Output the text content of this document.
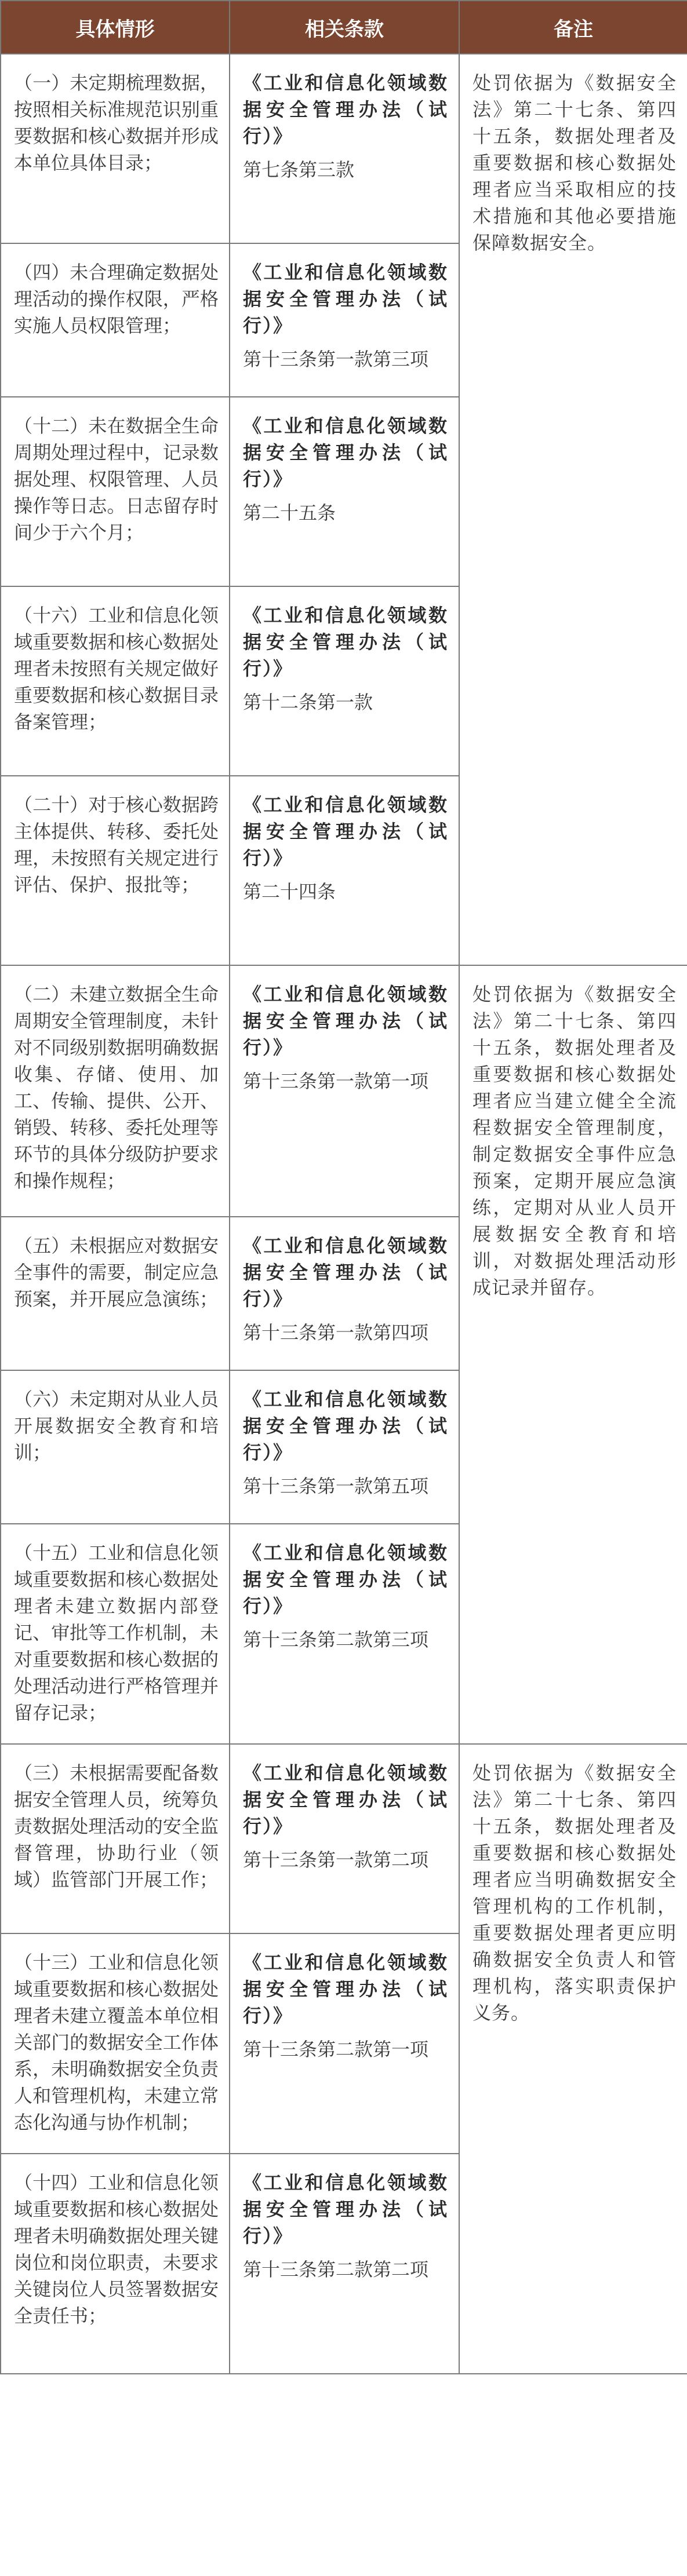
具体情形	相关条款	备注
（一）未定期梳理数据，按照相关标准规范识别重要数据和核心数据并形成本单位具体目录；	《工业和信息化领域数据安全管理办法（试行）》
第七条第三款	处罚依据为《数据安全法》第二十七条、第四十五条，数据处理者及重要数据和核心数据处理者应当采取相应的技术措施和其他必要措施保障数据安全。
（四）未合理确定数据处理活动的操作权限，严格实施人员权限管理；	《工业和信息化领域数据安全管理办法（试行）》
第十三条第一款第三项	

（十二）未在数据全生命周期处理过程中，记录数据处理、权限管理、人员操作等日志。日志留存时间少于六个月；	《工业和信息化领域数据安全管理办法（试行）》
第二十五条	

（十六）工业和信息化领域重要数据和核心数据处理者未按照有关规定做好重要数据和核心数据目录备案管理；	《工业和信息化领域数据安全管理办法（试行）》
第十二条第一款	

（二十）对于核心数据跨主体提供、转移、委托处理，未按照有关规定进行评估、保护、报批等；	《工业和信息化领域数据安全管理办法（试行）》
第二十四条	

（二）未建立数据全生命周期安全管理制度，未针对不同级别数据明确数据收集、存储、使用、加工、传输、提供、公开、销毁、转移、委托处理等环节的具体分级防护要求和操作规程；	《工业和信息化领域数据安全管理办法（试行）》
第十三条第一款第一项	处罚依据为《数据安全法》第二十七条、第四十五条，数据处理者及重要数据和核心数据处理者应当建立健全全流程数据安全管理制度，制定数据安全事件应急预案，定期开展应急演练，定期对从业人员开展数据安全教育和培训，对数据处理活动形成记录并留存。
（五）未根据应对数据安全事件的需要，制定应急预案，并开展应急演练；	《工业和信息化领域数据安全管理办法（试行）》
第十三条第一款第四项	

（六）未定期对从业人员开展数据安全教育和培训；	《工业和信息化领域数据安全管理办法（试行）》
第十三条第一款第五项	

（十五）工业和信息化领域重要数据和核心数据处理者未建立数据内部登记、审批等工作机制，未对重要数据和核心数据的处理活动进行严格管理并留存记录；	《工业和信息化领域数据安全管理办法（试行）》
第十三条第二款第三项	

（三）未根据需要配备数据安全管理人员，统筹负责数据处理活动的安全监督管理，协助行业（领域）监管部门开展工作；	《工业和信息化领域数据安全管理办法（试行）》
第十三条第一款第二项	处罚依据为《数据安全法》第二十七条、第四十五条，数据处理者及重要数据和核心数据处理者应当明确数据安全管理机构的工作机制，重要数据处理者更应明确数据安全负责人和管理机构，落实职责保护义务。
（十三）工业和信息化领域重要数据和核心数据处理者未建立覆盖本单位相关部门的数据安全工作体系，未明确数据安全负责人和管理机构，未建立常态化沟通与协作机制；	《工业和信息化领域数据安全管理办法（试行）》
第十三条第二款第一项	

（十四）工业和信息化领域重要数据和核心数据处理者未明确数据处理关键岗位和岗位职责，未要求关键岗位人员签署数据安全责任书；	《工业和信息化领域数据安全管理办法（试行）》
第十三条第二款第二项	
